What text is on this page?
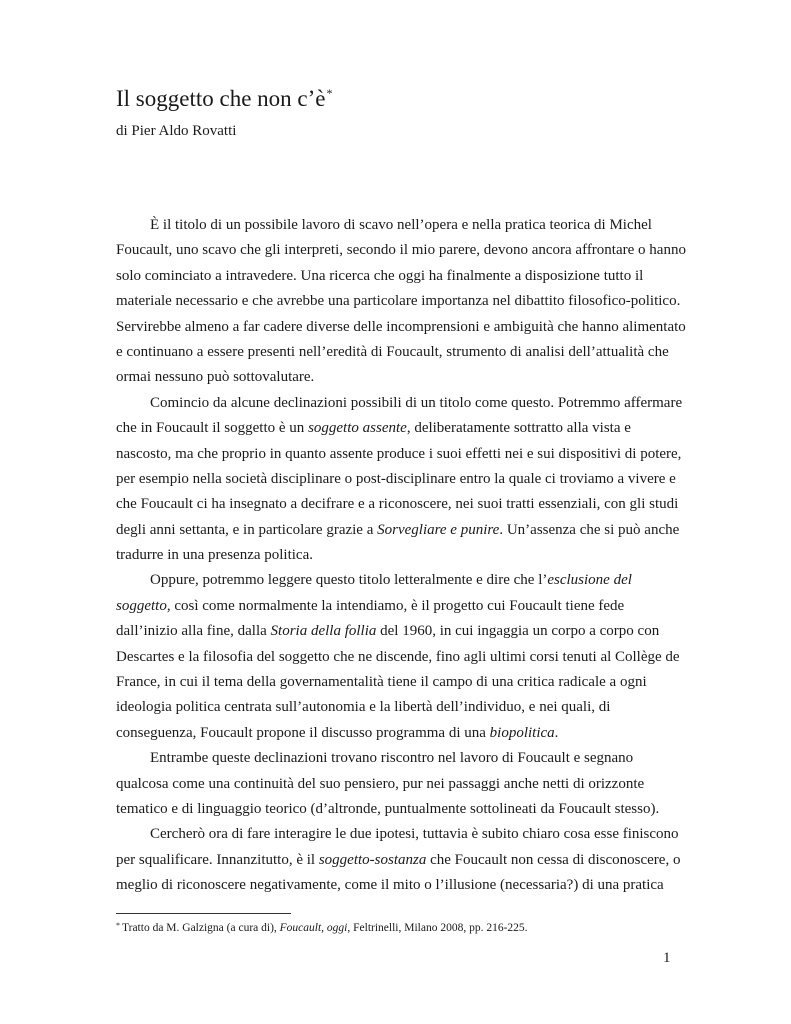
Il soggetto che non c’è*
di Pier Aldo Rovatti
È il titolo di un possibile lavoro di scavo nell’opera e nella pratica teorica di Michel
Foucault, uno scavo che gli interpreti, secondo il mio parere, devono ancora affrontare o hanno
solo cominciato a intravedere. Una ricerca che oggi ha finalmente a disposizione tutto il
materiale necessario e che avrebbe una particolare importanza nel dibattito filosofico-politico.
Servirebbe almeno a far cadere diverse delle incomprensioni e ambiguità che hanno alimentato
e continuano a essere presenti nell’eredità di Foucault, strumento di analisi dell’attualità che
ormai nessuno può sottovalutare.
Comincio da alcune declinazioni possibili di un titolo come questo. Potremmo affermare
che in Foucault il soggetto è un soggetto assente, deliberatamente sottratto alla vista e
nascosto, ma che proprio in quanto assente produce i suoi effetti nei e sui dispositivi di potere,
per esempio nella società disciplinare o post-disciplinare entro la quale ci troviamo a vivere e
che Foucault ci ha insegnato a decifrare e a riconoscere, nei suoi tratti essenziali, con gli studi
degli anni settanta, e in particolare grazie a Sorvegliare e punire. Un’assenza che si può anche
tradurre in una presenza politica.
Oppure, potremmo leggere questo titolo letteralmente e dire che l’esclusione del
soggetto, così come normalmente la intendiamo, è il progetto cui Foucault tiene fede
dall’inizio alla fine, dalla Storia della follia del 1960, in cui ingaggia un corpo a corpo con
Descartes e la filosofia del soggetto che ne discende, fino agli ultimi corsi tenuti al Collège de
France, in cui il tema della governamentalità tiene il campo di una critica radicale a ogni
ideologia politica centrata sull’autonomia e la libertà dell’individuo, e nei quali, di
conseguenza, Foucault propone il discusso programma di una biopolitica.
Entrambe queste declinazioni trovano riscontro nel lavoro di Foucault e segnano
qualcosa come una continuità del suo pensiero, pur nei passaggi anche netti di orizzonte
tematico e di linguaggio teorico (d’altronde, puntualmente sottolineati da Foucault stesso).
Cercherò ora di fare interagire le due ipotesi, tuttavia è subito chiaro cosa esse finiscono
per squalificare. Innanzitutto, è il soggetto-sostanza che Foucault non cessa di disconoscere, o
meglio di riconoscere negativamente, come il mito o l’illusione (necessaria?) di una pratica
* Tratto da M. Galzigna (a cura di), Foucault, oggi, Feltrinelli, Milano 2008, pp. 216-225.
1
